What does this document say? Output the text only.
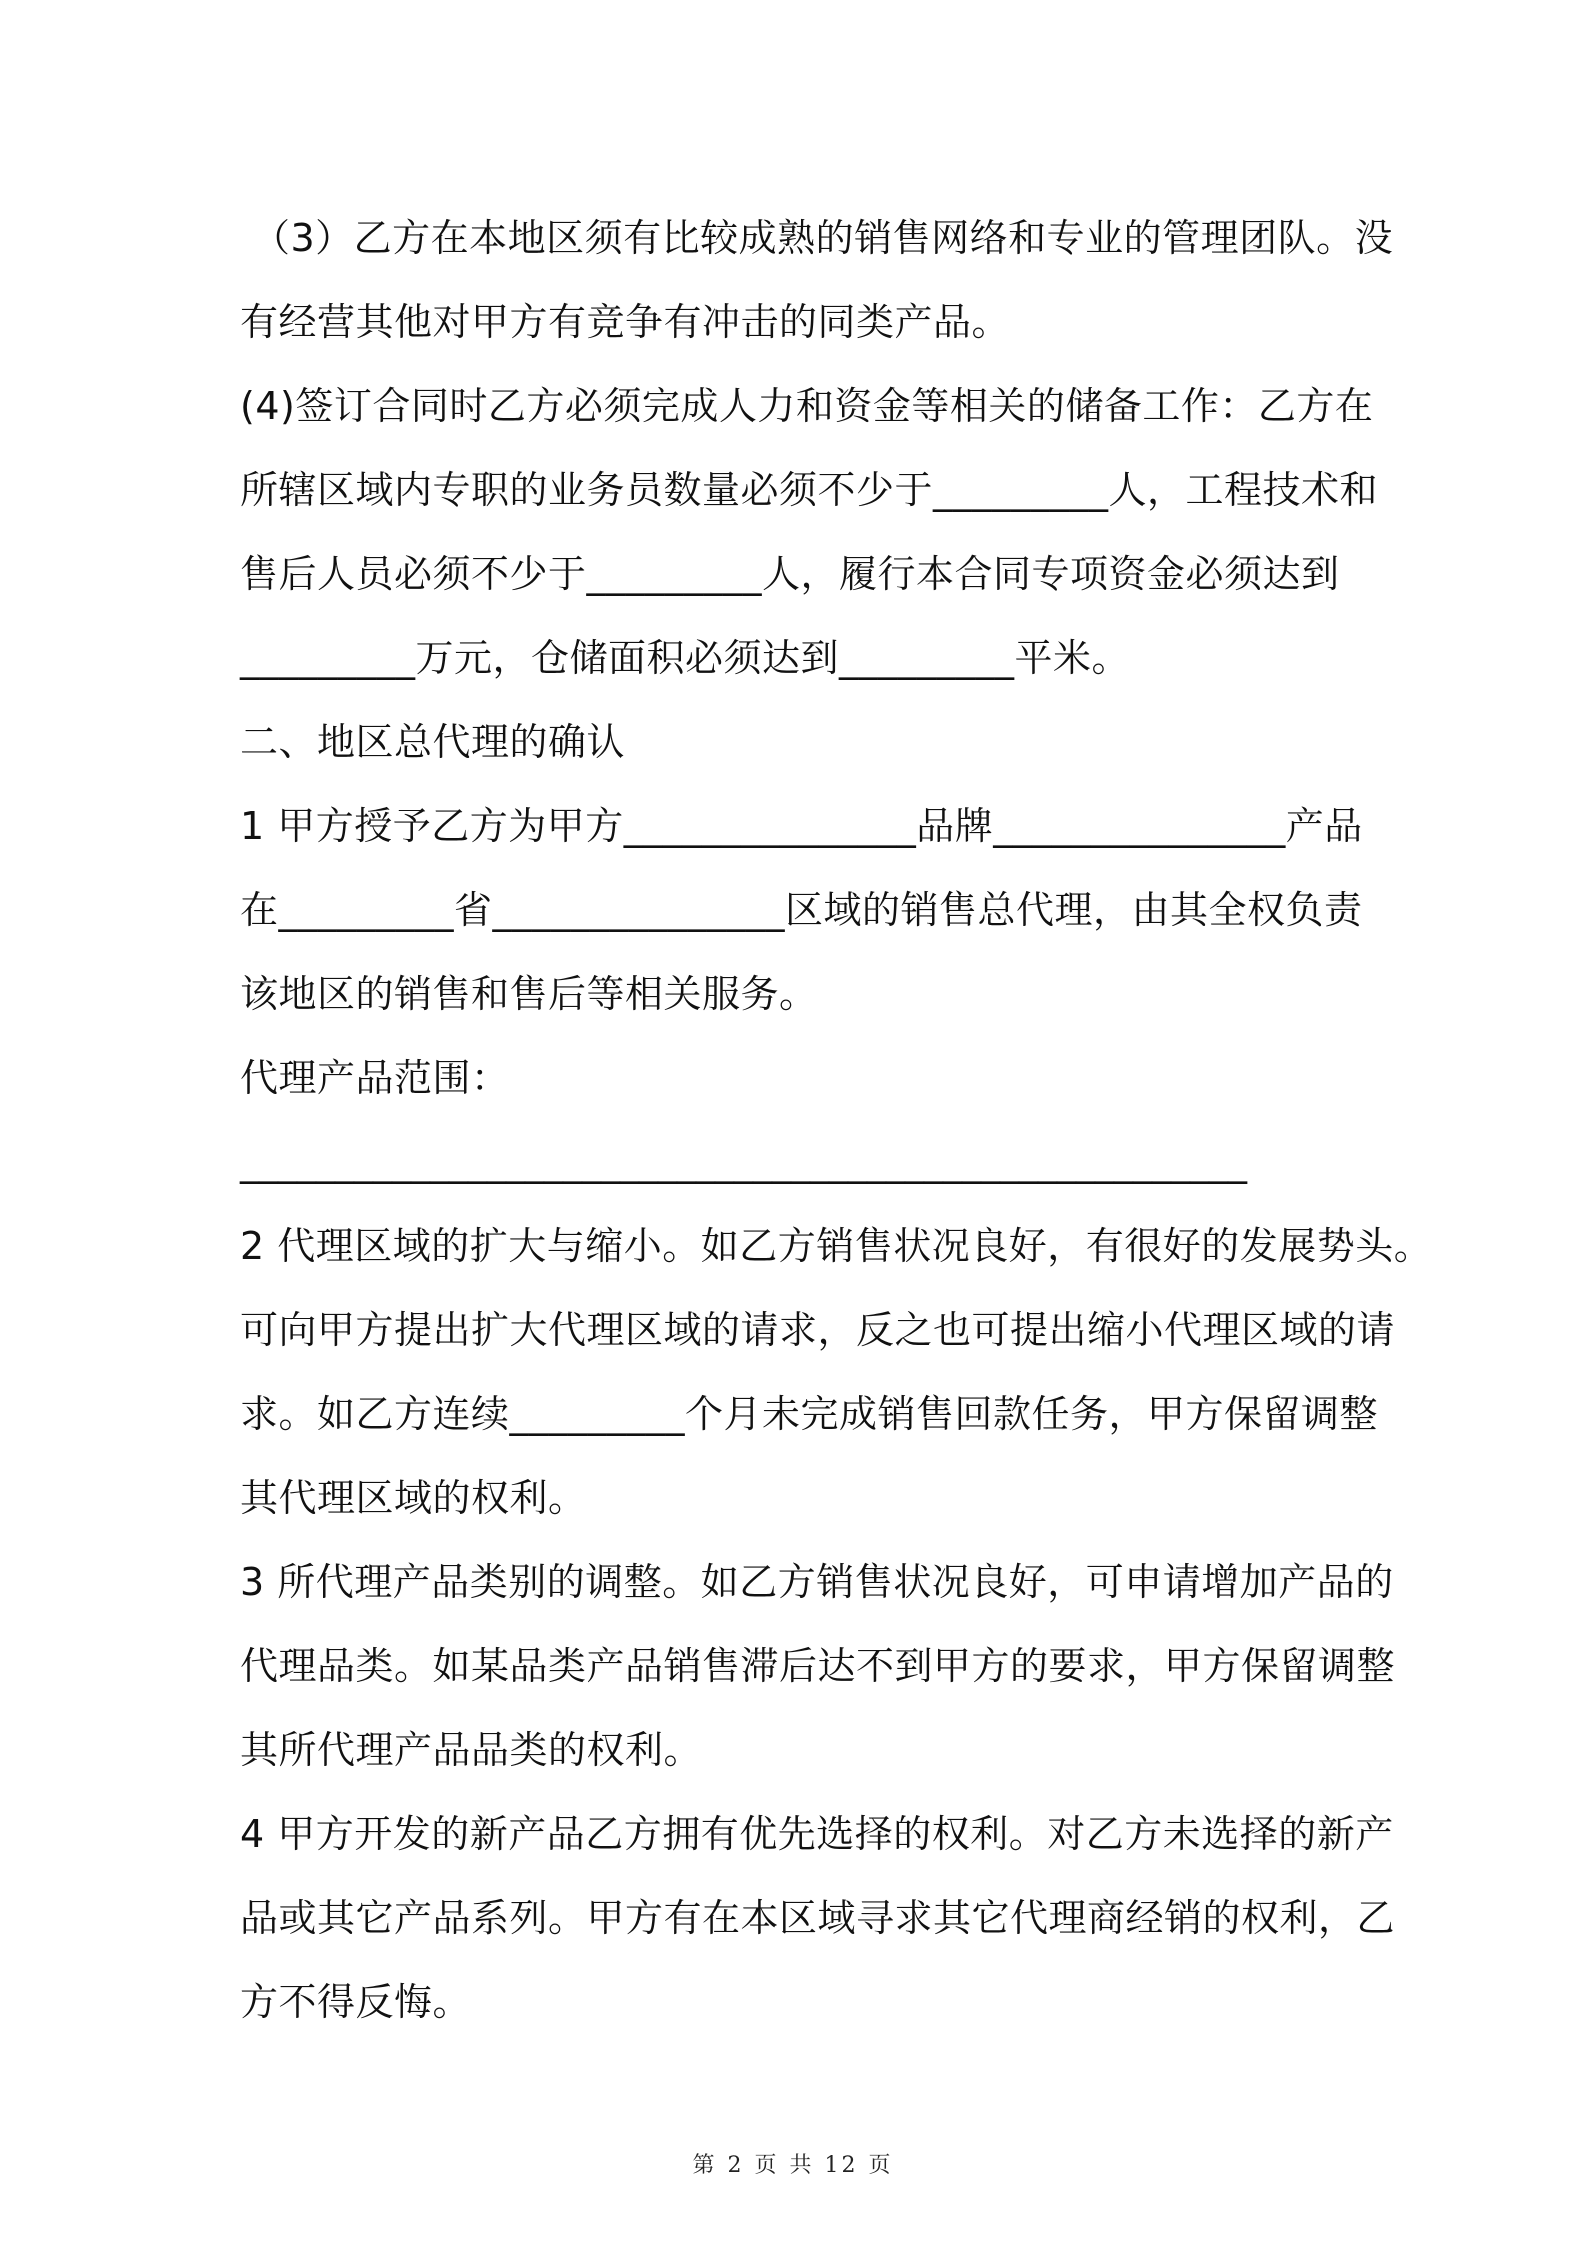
（3）乙方在本地区须有比较成熟的销售网络和专业的管理团队。没
有经营其他对甲方有竞争有冲击的同类产品。
(4)签订合同时乙方必须完成人力和资金等相关的储备工作：乙方在
所辖区域内专职的业务员数量必须不少于_________人，工程技术和
售后人员必须不少于_________人，履行本合同专项资金必须达到
_________万元，仓储面积必须达到_________平米。
二、地区总代理的确认
1 甲方授予乙方为甲方_______________品牌_______________产品
在_________省_______________区域的销售总代理，由其全权负责
该地区的销售和售后等相关服务。
代理产品范围：
_____________________________________________________
2 代理区域的扩大与缩小。如乙方销售状况良好，有很好的发展势头。
可向甲方提出扩大代理区域的请求，反之也可提出缩小代理区域的请
求。如乙方连续_________个月未完成销售回款任务，甲方保留调整
其代理区域的权利。
3 所代理产品类别的调整。如乙方销售状况良好，可申请增加产品的
代理品类。如某品类产品销售滞后达不到甲方的要求，甲方保留调整
其所代理产品品类的权利。
4 甲方开发的新产品乙方拥有优先选择的权利。对乙方未选择的新产
品或其它产品系列。甲方有在本区域寻求其它代理商经销的权利，乙
方不得反悔。
第 2 页 共 12 页
